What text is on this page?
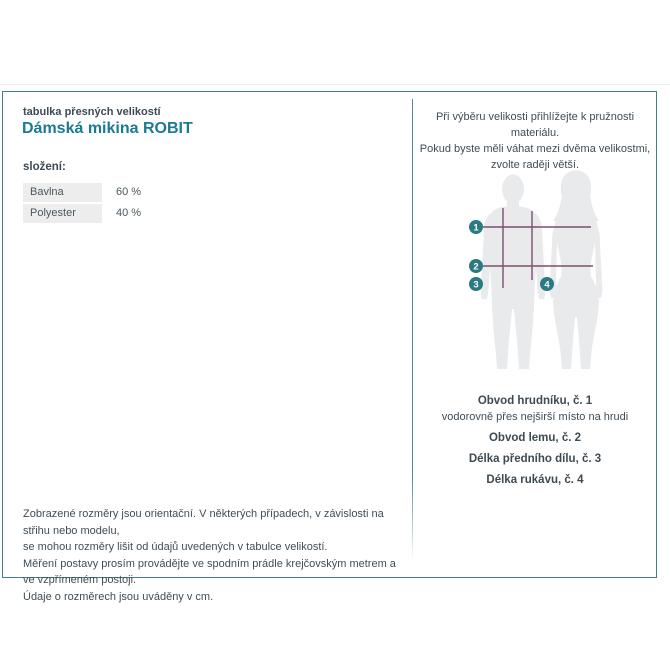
tabulka přesných velikostí
Dámská mikina ROBIT
složení:
Bavlna	60 %
Polyester	40 %
Zobrazené rozměry jsou orientační. V některých případech, v závislosti na střihu nebo modelu,
se mohou rozměry lišit od údajů uvedených v tabulce velikostí.
Měření postavy prosím provádějte ve spodním prádle krejčovským metrem a ve vzpřímeném postoji.
Údaje o rozměrech jsou uváděny v cm.
Při výběru velikosti přihlížejte k pružnosti materiálu.
Pokud byste měli váhat mezi dvěma velikostmi,
zvolte raději větší.
1
2
3	4
Obvod hrudníku, č. 1
vodorovně přes nejširší místo na hrudi
Obvod lemu, č. 2
Délka předního dílu, č. 3
Délka rukávu, č. 4
